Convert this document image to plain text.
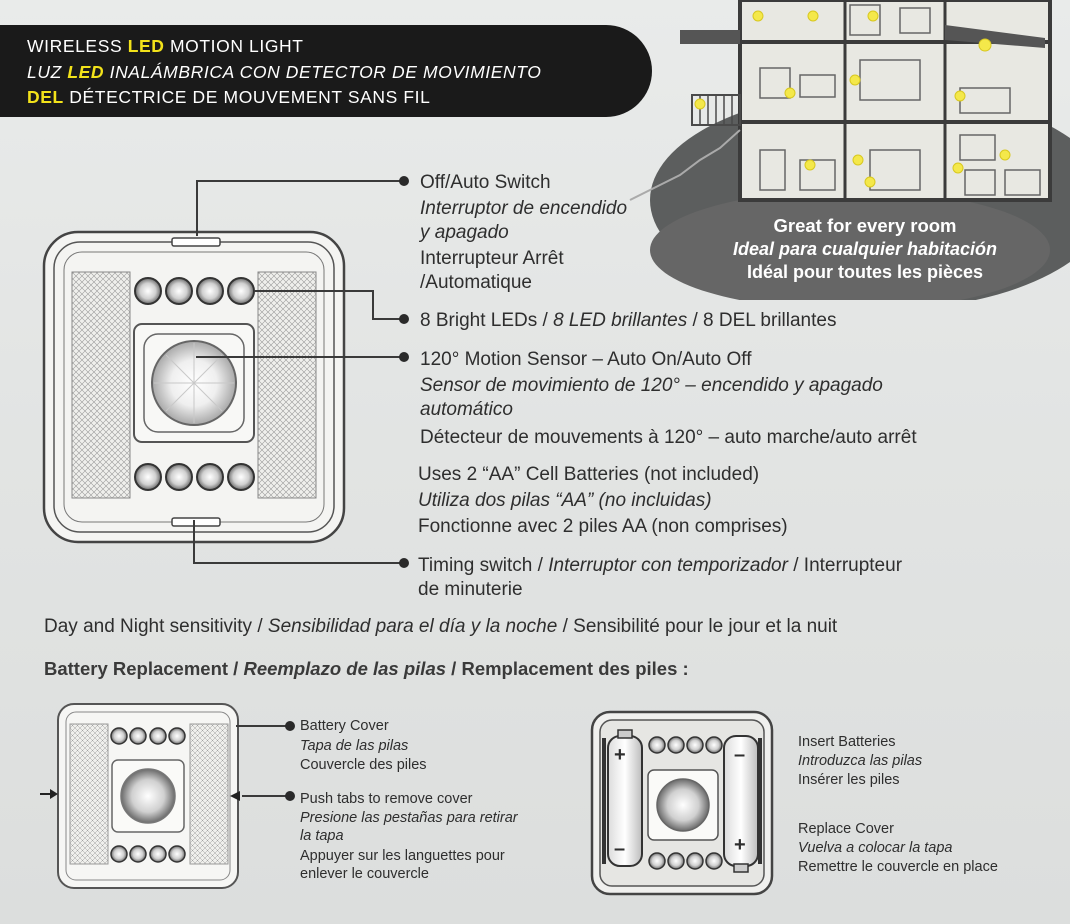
WIRELESS LED MOTION LIGHT
LUZ LED INALÁMBRICA CON DETECTOR DE MOVIMIENTO
DEL DÉTECTRICE DE MOUVEMENT SANS FIL
Great for every room
Ideal para cualquier habitación
Idéal pour toutes les pièces
Off/Auto Switch
Interruptor de encendido
y apagado
Interrupteur Arrêt
/Automatique
8 Bright LEDs / 8 LED brillantes / 8 DEL brillantes
120° Motion Sensor – Auto On/Auto Off
Sensor de movimiento de 120° – encendido y apagado
automático
Détecteur de mouvements à 120° – auto marche/auto arrêt
Uses 2 “AA” Cell Batteries (not included)
Utiliza dos pilas “AA” (no incluidas)
Fonctionne avec 2 piles AA (non comprises)
Timing switch / Interruptor con temporizador / Interrupteur
de minuterie
Day and Night sensitivity / Sensibilidad para el día y la noche / Sensibilité pour le jour et la nuit
Battery Replacement / Reemplazo de las pilas / Remplacement des piles :
Battery Cover
Tapa de las pilas
Couvercle des piles
Push tabs to remove cover
Presione las pestañas para retirar
la tapa
Appuyer sur les languettes pour
enlever le couvercle
+
–
–
+
Insert Batteries
Introduzca las pilas
Insérer les piles
Replace Cover
Vuelva a colocar la tapa
Remettre le couvercle en place
